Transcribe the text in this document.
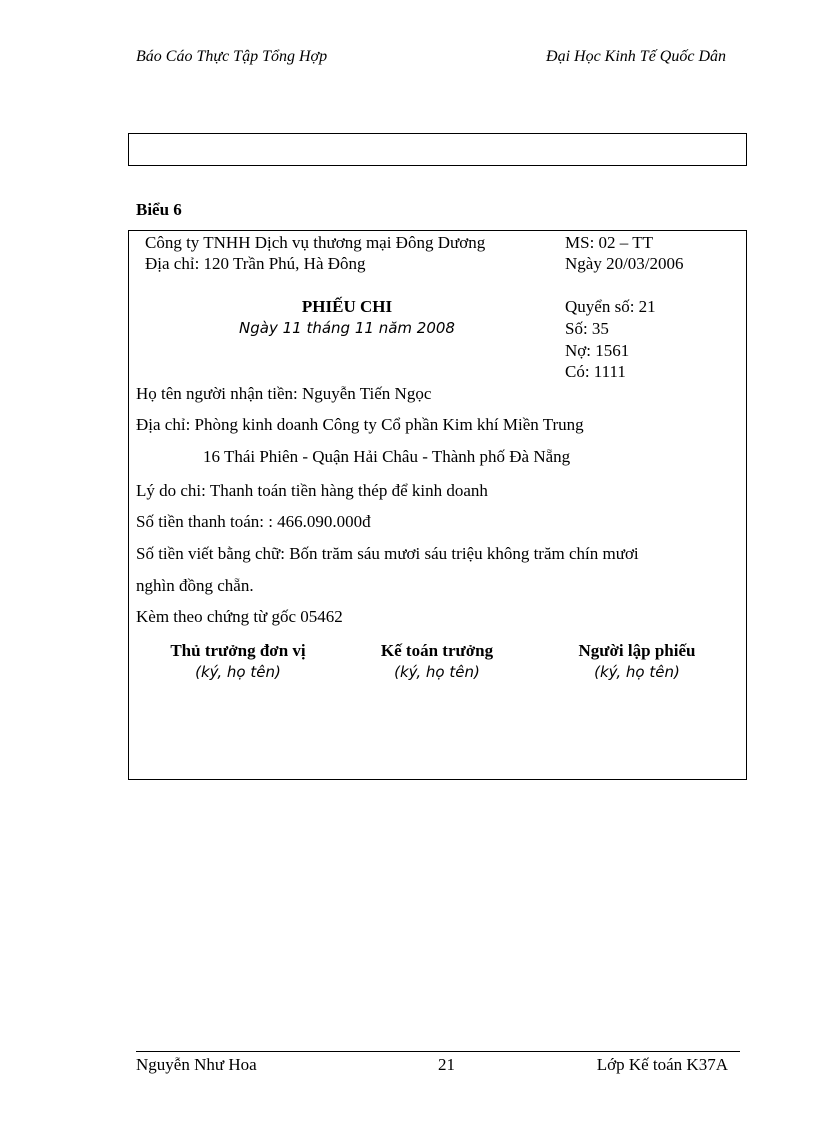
Báo Cáo Thực Tập Tổng Hợp	Đại Học Kinh Tế Quốc Dân
Biểu 6
Công ty TNHH Dịch vụ thương mại Đông Dương
Địa chỉ: 120 Trần Phú, Hà Đông
MS: 02 – TT
Ngày 20/03/2006
PHIẾU CHI
Ngày 11 tháng 11 năm 2008
Quyển số: 21
Số: 35
Nợ: 1561
Có: 1111
Họ tên người nhận tiền: Nguyễn Tiến Ngọc
Địa chỉ: Phòng kinh doanh Công ty Cổ phần Kim khí Miền Trung
16 Thái Phiên - Quận Hải Châu - Thành phố Đà Nẵng
Lý do chi: Thanh toán tiền hàng thép để kinh doanh
Số tiền thanh toán: : 466.090.000đ
Số tiền viết bằng chữ: Bốn trăm sáu mươi sáu triệu không trăm chín mươi
nghìn đồng chẵn.
Kèm theo chứng từ gốc 05462
Thủ trưởng đơn vị	Kế toán trưởng	Người lập phiếu
(ký, họ tên)	(ký, họ tên)	(ký, họ tên)
Nguyễn Như Hoa	21	Lớp Kế toán K37A
